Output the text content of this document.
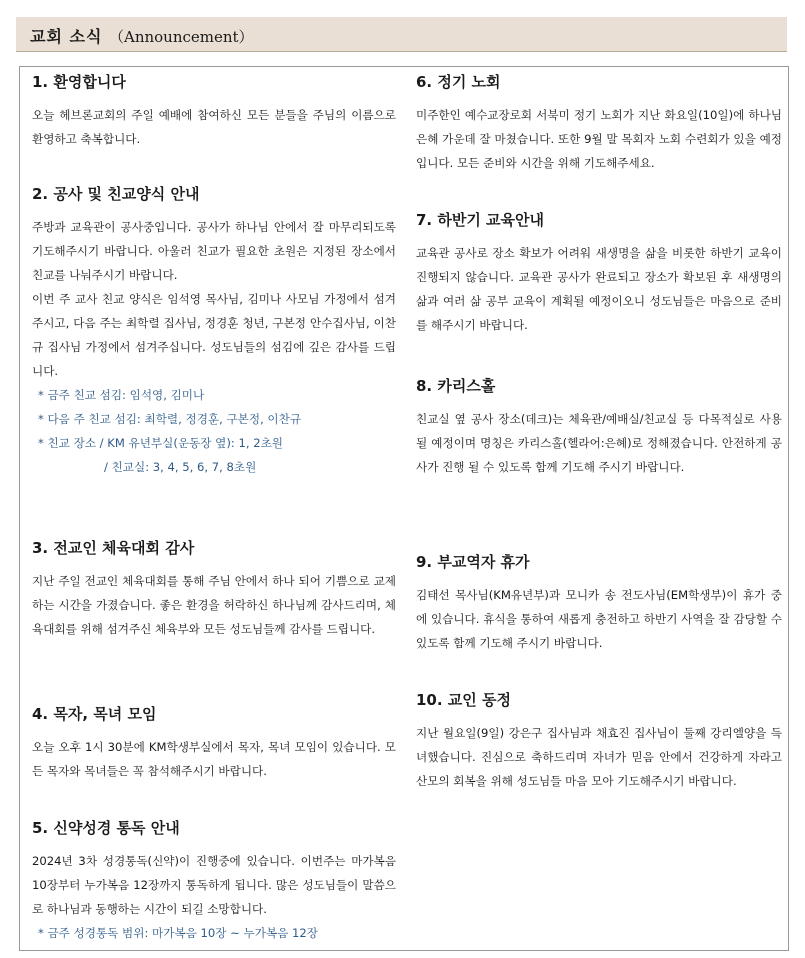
교회 소식 （Announcement）
1. 환영합니다

오늘 헤브론교회의 주일 예배에 참여하신 모든 분들을 주님의 이름으로 환영하고 축복합니다.

2. 공사 및 친교양식 안내

주방과 교육관이 공사중입니다. 공사가 하나님 안에서 잘 마무리되도록 기도해주시기 바랍니다. 아울러 친교가 필요한 초원은 지정된 장소에서 친교를 나눠주시기 바랍니다.

이번 주 교사 친교 양식은 임석영 목사님, 김미나 사모님 가정에서 섬겨주시고, 다음 주는 최학렬 집사님, 정경훈 청년, 구본정 안수집사님, 이찬규 집사님 가정에서 섬겨주십니다. 성도님들의 섬김에 깊은 감사를 드립니다.

* 금주 친교 섬김: 임석영, 김미나
* 다음 주 친교 섬김: 최학렬, 정경훈, 구본정, 이찬규
* 친교 장소 / KM 유년부실(운동장 옆): 1, 2초원
/ 친교실: 3, 4, 5, 6, 7, 8초원
3. 전교인 체육대회 감사

지난 주일 전교인 체육대회를 통해 주님 안에서 하나 되어 기쁨으로 교제하는 시간을 가졌습니다. 좋은 환경을 허락하신 하나님께 감사드리며, 체육대회를 위해 섬겨주신 체육부와 모든 성도님들께 감사를 드립니다.

4. 목자, 목녀 모임

오늘 오후 1시 30분에 KM학생부실에서 목자, 목녀 모임이 있습니다. 모든 목자와 목녀들은 꼭 참석해주시기 바랍니다.

5. 신약성경 통독 안내

2024년 3차 성경통독(신약)이 진행중에 있습니다. 이번주는 마가복음 10장부터 누가복음 12장까지 통독하게 됩니다. 많은 성도님들이 말씀으로 하나님과 동행하는 시간이 되길 소망합니다.

* 금주 성경통독 범위: 마가복음 10장 ~ 누가복음 12장
6. 정기 노회

미주한인 예수교장로회 서북미 정기 노회가 지난 화요일(10일)에 하나님 은혜 가운데 잘 마쳤습니다. 또한 9월 말 목회자 노회 수련회가 있을 예정입니다. 모든 준비와 시간을 위해 기도해주세요.

7. 하반기 교육안내

교육관 공사로 장소 확보가 어려워 새생명을 삶을 비롯한 하반기 교육이 진행되지 않습니다. 교육관 공사가 완료되고 장소가 확보된 후 새생명의 삶과 여러 삶 공부 교육이 계획될 예정이오니 성도님들은 마음으로 준비를 해주시기 바랍니다.

8. 카리스홀

친교실 옆 공사 장소(데크)는 체육관/예배실/친교실 등 다목적실로 사용될 예정이며 명칭은 카리스홀(헬라어:은혜)로 정해졌습니다. 안전하게 공사가 진행 될 수 있도록 함께 기도해 주시기 바랍니다.

9. 부교역자 휴가

김태선 목사님(KM유년부)과 모니카 송 전도사님(EM학생부)이 휴가 중에 있습니다. 휴식을 통하여 새롭게 충전하고 하반기 사역을 잘 감당할 수 있도록 함께 기도해 주시기 바랍니다.

10. 교인 동정

지난 월요일(9일) 강은구 집사님과 채효진 집사님이 둘째 강리엘양을 득녀했습니다. 진심으로 축하드리며 자녀가 믿음 안에서 건강하게 자라고 산모의 회복을 위해 성도님들 마음 모아 기도해주시기 바랍니다.
